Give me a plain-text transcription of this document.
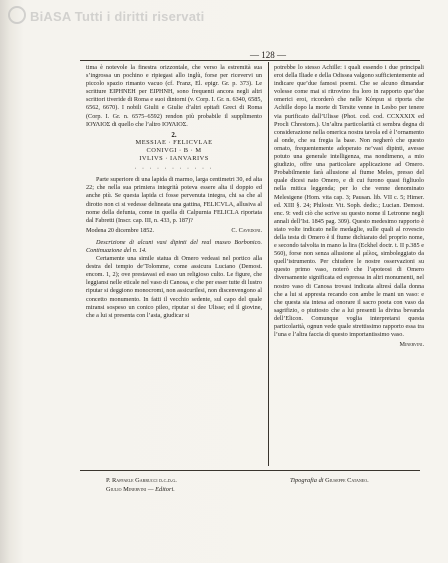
BiASA Tutti i diritti riservati
— 128 —

tima è notevole la finestra orizzontale, che verso la estremità sua s’ingrossa un pochino e ripiegasi allo inglù, forse per ricevervi un piccolo spazio rimanto vacuo (cf. Franz, El. epigr. Gr. p. 373). Le scritture EIPHNEH per EIPHNH, sono frequenti ancora negli altri scrittori tiveride di Roma e suoi dintorni (v. Corp. I. Gr. n. 6340, 6585, 6562, 6670). I nobili Giulii e Giulie d’altri epitafi Greci di Roma (Corp. I. Gr. n. 6575–6592) rendon più probabile il supplimento IΟΥΛΙΟΣ di quello che l’altro ΙΟΥΛΙΟΣ.

2.
MESSIAE · FELICVLAE
CONIVGI · B · M
IVLIVS · IANVARIVS
· · · · · · · · · · ·

Parte superiore di una lapida di marmo, larga centimetri 30, ed alta 22; che nella sua primiera integrità poteva essere alta il doppio ed anche più. Se questa lapida ci fosse pervenuta integra, chi sa che al dirotto non ci si vedesse delineata una gattina, FELICVLA, allusiva al nome della defunta, come in quella di Calpurnia FELICLA riportata dal Fabretti (Inscr. cap. III, n. 433, p. 187)?

Modena 20 dicembre 1852.	C. Cavedoni.

Descrizione di alcuni vasi dipinti del real museo Borbonico. Continuazione del n. 14.

Certamente una simile statua di Omero vedeasi nel portico alla destra del tempio de’Tolomme, come assicura Luciano (Demost. encom. 1, 2); ove prestavasi ed esso un religioso culto. Le figure, che leggiansi nelle eticale nel vaso di Canosa, e che per esser tutte di lustro riputar si deggiono monocromi, non assicurilesi, non discenvengono al concetto monumento. In fatti il vecchio sedente, sul capo del quale miransi sospeso un conico pileo, riputar si dee Ulisse; ed il giovine, che a lui si presenta con l’asta, giudicar si

potrebbe lo stesso Achille: i quali essendo i due principali eroi della Iliade e della Odissea valgono sufficientemente ad indicare que’due famosi poemi. Che se alcuno dimandar volesse come mai si ritrovino fra loro in rapporto que’due omerici eroi, ricorderò che nelle Kύπρια si riporta che Achille dopo la morte di Tersite venne in Lesbo per tenere via purificato dall’Ulisse (Phot. cod. cod. CCXXXIX ed Procli Chrestom.). Un’altra particolarità ci sembra degna di considerazione nella omerica nostra tavola ed è l’ornamento al onde, che su fregia la base. Non negherò che questo ornato, frequentemente adoperato ne’vasi dipinti, avesse potuto una generale intelligenza, ma nondimeno, a mio giudizio, offre una particolare applicazione ad Omero. Probabilmente farà allusione al fiume Meles, presso del quale dicesi nato Omero, e di cui furono quasi figliuolo nella mitica leggenda; per lo che venne denominato Melesigene (Hom. vita cap. 3; Pausan. lib. VII c. 5; Himer. ed. XIII §. 24; Philostr. Vit. Soph. dedic.; Lucian. Demost. enc. 9: vedi ciò che scrive su questo nome il Letronne negli annali dell’Ist. 1845 pag. 309). Questo medesimo rapporto è stato volte indicato nelle medaglie, sulle quali al rovescio della testa di Omero è il fiume dichiarato del proprio nome, e secondo talvolta in mano la lira (Eckhel doctr. t. II p.385 e 560), forse non senza allusione al μέλος, simboleggiato da quell’istrumento. Per chiudere le nostre osservazioni su questo primo vaso, noterò che l’apoteosi di Omero diversamente significata ed espressa in altri monumenti, nel nostro vaso di Canosa trovasi indicata altresì dalla donna che a lui si appresta recando con ambe le mani un vaso: e che questa sia intesa ad onorare il sacro poeta con vaso da sagrifizio, o piuttosto che a lui presenti la divina bevanda dell’Elicon. Comunque voglia interpretarsi questa particolarità, ognun vede quale strettissimo rapporto essa tra l’una e l’altra faccia di questo importantissimo vaso.

Minervini.
P. Raffaele Garrucci d.c.d.g.
Giulio Minervini — Editori.
Tipografia di Giuseppe Cataneo.
